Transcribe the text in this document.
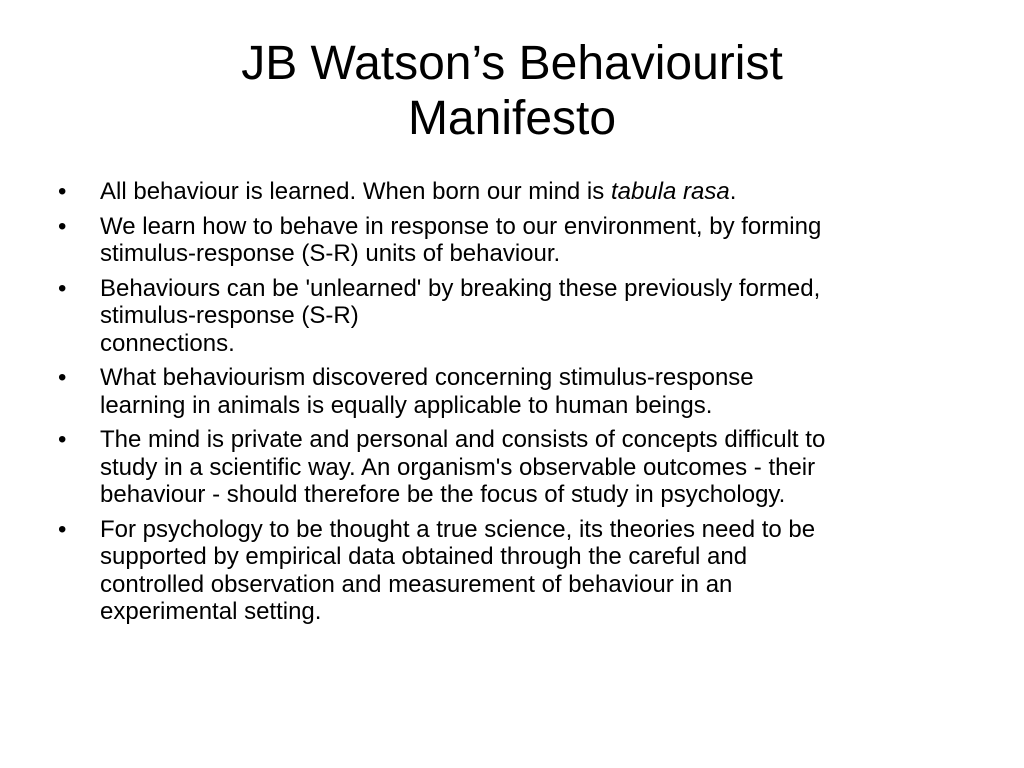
JB Watson’s Behaviourist
Manifesto
• All behaviour is learned. When born our mind is tabula rasa.
• We learn how to behave in response to our environment, by forming
stimulus-response (S-R) units of behaviour.
• Behaviours can be 'unlearned' by breaking these previously formed,
stimulus-response (S-R)
connections.
• What behaviourism discovered concerning stimulus-response
learning in animals is equally applicable to human beings.
• The mind is private and personal and consists of concepts difficult to
study in a scientific way. An organism's observable outcomes - their
behaviour - should therefore be the focus of study in psychology.
• For psychology to be thought a true science, its theories need to be
supported by empirical data obtained through the careful and
controlled observation and measurement of behaviour in an
experimental setting.
